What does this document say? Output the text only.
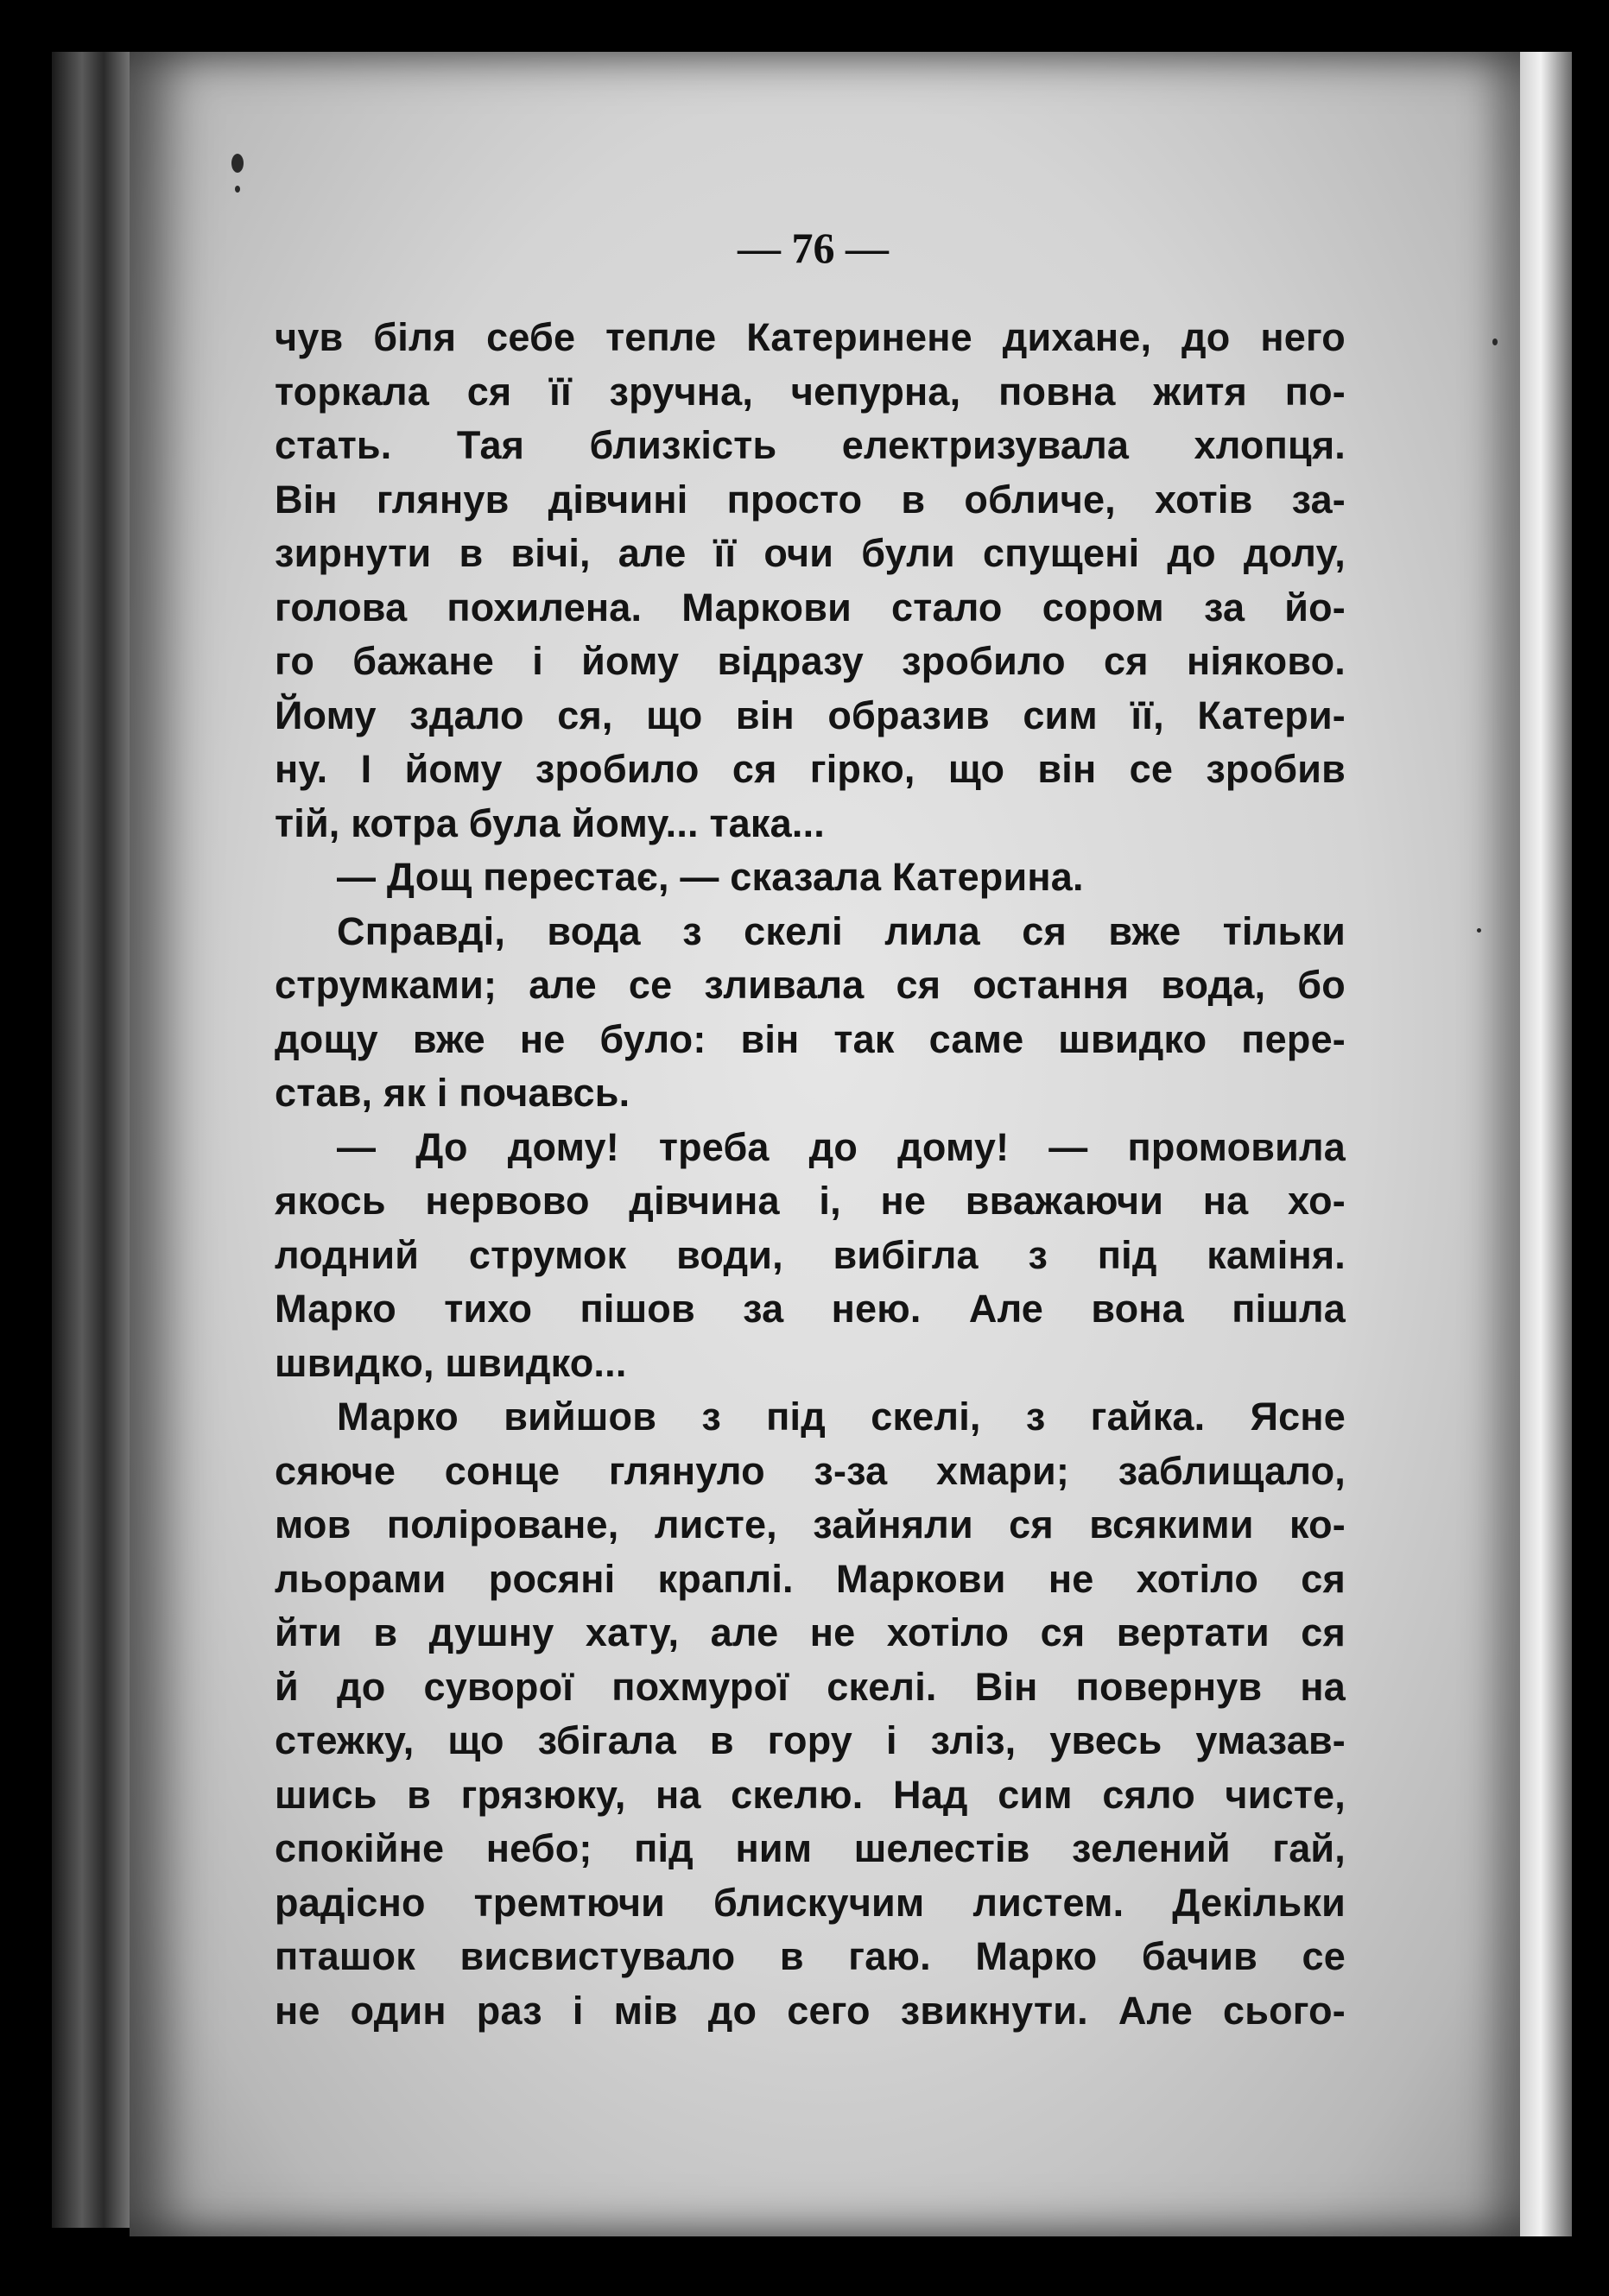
— 76 —
чув біля себе тепле Катеринене дихане, до него
торкала ся її зручна, чепурна, повна житя по-
стать. Тая близкість електризувала хлопця.
Він глянув дівчині просто в обличе, хотів за-
зирнути в вічі, але її очи були спущені до долу,
голова похилена. Маркови стало сором за йо-
го бажане і йому відразу зробило ся ніяково.
Йому здало ся, що він образив сим її, Катери-
ну. І йому зробило ся гірко, що він се зробив
тій, котра була йому... така...
— Дощ перестає, — сказала Катерина.
Справді, вода з скелі лила ся вже тільки
струмками; але се зливала ся остання вода, бо
дощу вже не було: він так саме швидко пере-
став, як і почавсь.
— До дому! треба до дому! — промовила
якось нервово дівчина і, не вважаючи на хо-
лодний струмок води, вибігла з під каміня.
Марко тихо пішов за нею. Але вона пішла
швидко, швидко...
Марко вийшов з під скелі, з гайка. Ясне
сяюче сонце глянуло з-за хмари; заблищало,
мов поліроване, листе, зайняли ся всякими ко-
льорами росяні краплі. Маркови не хотіло ся
йти в душну хату, але не хотіло ся вертати ся
й до суворої похмурої скелі. Він повернув на
стежку, що збігала в гору і зліз, увесь умазав-
шись в грязюку, на скелю. Над сим сяло чисте,
спокійне небо; під ним шелестів зелений гай,
радісно тремтючи блискучим листем. Декільки
пташок висвистувало в гаю. Марко бачив се
не один раз і мів до сего звикнути. Але сього-
